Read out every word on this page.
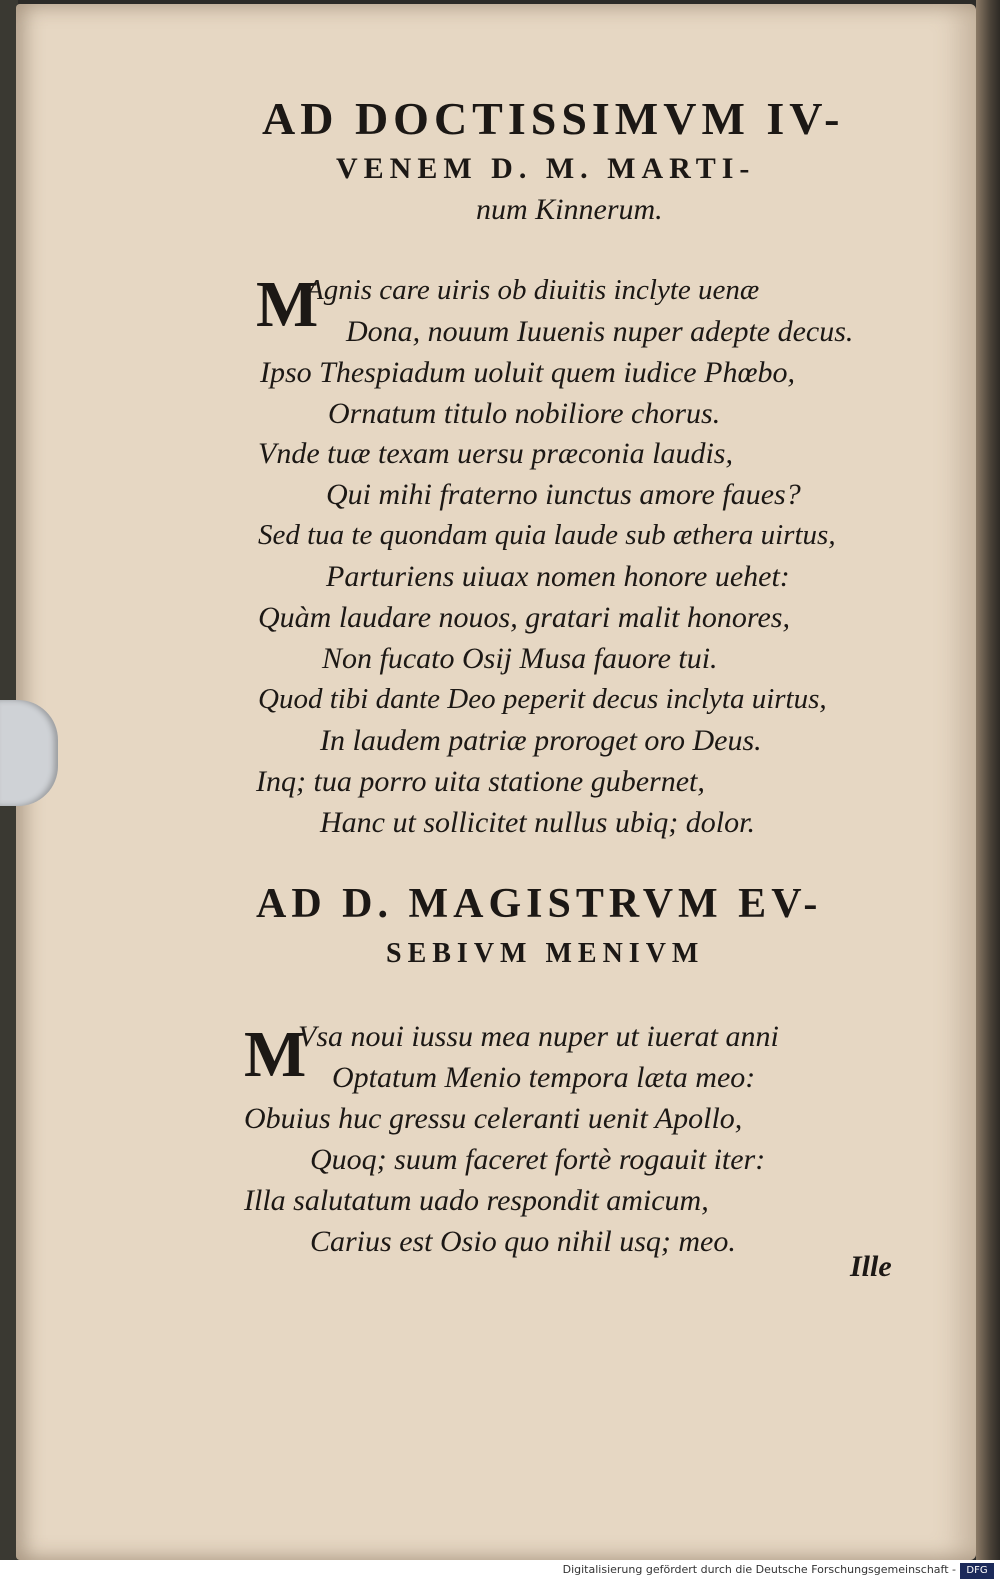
AD DOCTISSIMVM IV-
VENEM D. M. MARTI-
num Kinnerum.
M
Agnis care uiris ob diuitis inclyte uenæ
Dona, nouum Iuuenis nuper adepte decus.
Ipso Thespiadum uoluit quem iudice Phœbo,
Ornatum titulo nobiliore chorus.
Vnde tuæ texam uersu præconia laudis,
Qui mihi fraterno iunctus amore faues?
Sed tua te quondam quia laude sub æthera uirtus,
Parturiens uiuax nomen honore uehet:
Quàm laudare nouos, gratari malit honores,
Non fucato Osij Musa fauore tui.
Quod tibi dante Deo peperit decus inclyta uirtus,
In laudem patriæ proroget oro Deus.
Inq; tua porro uita statione gubernet,
Hanc ut sollicitet nullus ubiq; dolor.
AD D. MAGISTRVM EV-
SEBIVM MENIVM
M
Vsa noui iussu mea nuper ut iuerat anni
Optatum Menio tempora læta meo:
Obuius huc gressu celeranti uenit Apollo,
Quoq; suum faceret fortè rogauit iter:
Illa salutatum uado respondit amicum,
Carius est Osio quo nihil usq; meo.
Ille
Digitalisierung gefördert durch die Deutsche Forschungsgemeinschaft -	DFG
